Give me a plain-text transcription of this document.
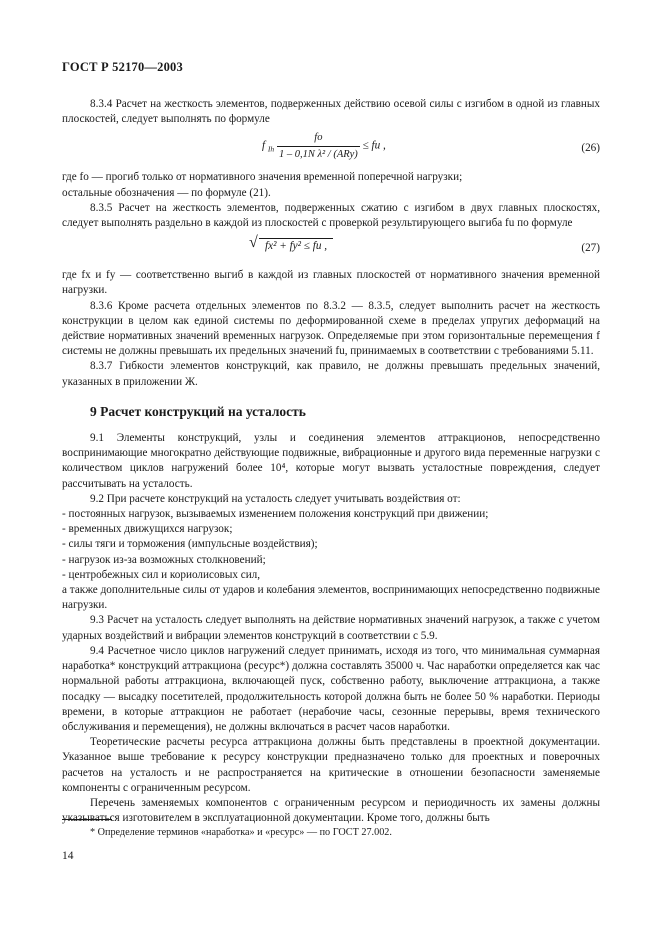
ГОСТ Р 52170—2003

8.3.4 Расчет на жесткость элементов, подверженных действию осевой силы с изгибом в одной из главных плоскостей, следует выполнять по формуле

f $_{Ih} \frac{fо}{\text{1 – 0,1N λ² / (ARу)}}$ ≤ fu ,	(26)

где fо — прогиб только от нормативного значения временной поперечной нагрузки;

остальные обозначения — по формуле (21).

8.3.5 Расчет на жесткость элементов, подверженных сжатию с изгибом в двух главных плоскостях, следует выполнять раздельно в каждой из плоскостей с проверкой результирующего выгиба fu по формуле

√ fx² + fy² ≤ fu ,	(27)

где fx и fy — соответственно выгиб в каждой из главных плоскостей от нормативного значения временной нагрузки.

8.3.6 Кроме расчета отдельных элементов по 8.3.2 — 8.3.5, следует выполнить расчет на жесткость конструкции в целом как единой системы по деформированной схеме в пределах упругих деформаций на действие нормативных значений временных нагрузок. Определяемые при этом горизонтальные перемещения f системы не должны превышать их предельных значений fu, принимаемых в соответствии с требованиями 5.11.

8.3.7 Гибкости элементов конструкций, как правило, не должны превышать предельных значений, указанных в приложении Ж.

9 Расчет конструкций на усталость

9.1 Элементы конструкций, узлы и соединения элементов аттракционов, непосредственно воспринимающие многократно действующие подвижные, вибрационные и другого вида переменные нагрузки с количеством циклов нагружений более 10⁴, которые могут вызвать усталостные повреждения, следует рассчитывать на усталость.

9.2 При расчете конструкций на усталость следует учитывать воздействия от:

- постоянных нагрузок, вызываемых изменением положения конструкций при движении;

- временных движущихся нагрузок;

- силы тяги и торможения (импульсные воздействия);

- нагрузок из-за возможных столкновений;

- центробежных сил и кориолисовых сил,

а также дополнительные силы от ударов и колебания элементов, воспринимающих непосредственно подвижные нагрузки.

9.3 Расчет на усталость следует выполнять на действие нормативных значений нагрузок, а также с учетом ударных воздействий и вибрации элементов конструкций в соответствии с 5.9.

9.4 Расчетное число циклов нагружений следует принимать, исходя из того, что минимальная суммарная наработка* конструкций аттракциона (ресурс*) должна составлять 35000 ч. Час наработки определяется как час нормальной работы аттракциона, включающей пуск, собственно работу, выключение аттракциона, а также посадку — высадку посетителей, продолжительность которой должна быть не более 50 % наработки. Периоды времени, в которые аттракцион не работает (нерабочие часы, сезонные перерывы, время технического обслуживания и перемещения), не должны включаться в расчет часов наработки.

Теоретические расчеты ресурса аттракциона должны быть представлены в проектной документации. Указанное выше требование к ресурсу конструкции предназначено только для проектных и поверочных расчетов на усталость и не распространяется на критические в отношении безопасности заменяемые компоненты с ограниченным ресурсом.

Перечень заменяемых компонентов с ограниченным ресурсом и периодичность их замены должны указываться изготовителем в эксплуатационной документации. Кроме того, должны быть

* Определение терминов «наработка» и «ресурс» — по ГОСТ 27.002.
14
